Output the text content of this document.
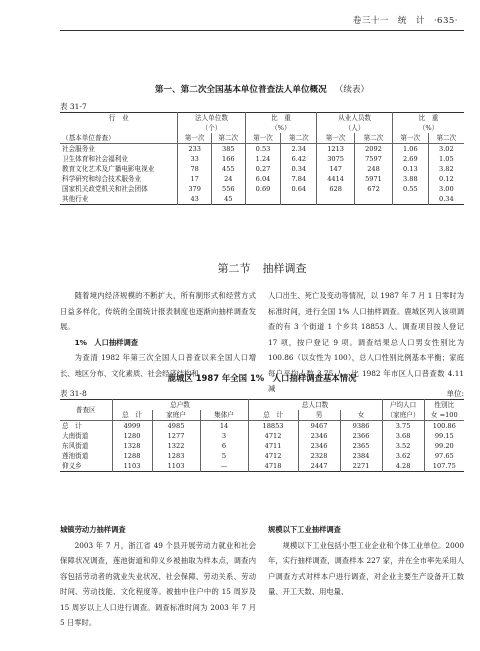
卷三十一　统　计　·635·
第一、第二次全国基本单位普查法人单位概况 （续表）
表 31-7
行　业	法人单位数		比　重		从业人员数		比　重	
	（个）		（%）		（人）		（%）	
（基本单位普查）	第一次	第二次	第一次	第二次	第一次	第二次	第一次	第二次
社会服务业	233	385	0.53	2.34	1213	2092	1.06	3.02
卫生体育和社会福利业	33	166	1.24	6.42	3075	7597	2.69	1.05
教育文化艺术及广播电影电视业	78	455	0.27	0.34	147	248	0.13	3.82
科学研究和综合技术服务业	17	24	6.04	7.84	4414	5971	3.88	0.12
国家机关政党机关和社会团体	379	556	0.69	0.64	628	672	0.55	3.00
其他行业	43	45						0.34
第二节 抽样调查

随着境内经济规模的不断扩大，所有制形式和经营方式日益多样化，传统的全面统计报表制度也逐渐向抽样调查发展。

1%　人口抽样调查

为查清 1982 年第三次全国人口普查以来全国人口增长、地区分布、文化素质、社会经济结构和

人口出生、死亡及变动等情况，以 1987 年 7 月 1 日零时为标准时间，进行全国 1% 人口抽样调查。鹿城区列入该项调查的有 3 个街道 1 个乡共 18853 人。调查项目按人登记 17 项，按户登记 9 项。调查结果总人口男女性别比为 100.86（以女性为 100），总人口性别比例基本平衡；家庭每户平均人数 3.75 人，比 1982 年市区人口普查数 4.11 减

鹿城区 1987 年全国 1%　人口抽样调查基本情况
表 31-8	单位:
普查区	总户数			总人口数			户均人口	性别比
	总　计	家庭户	集体户	总　计	男	女	（家庭户）	女 =100
总　计	4999	4985	14	18853	9467	9386	3.75	100.86
大南街道	1280	1277	3	4712	2346	2366	3.68	99.15
东风街道	1328	1322	6	4711	2346	2365	3.52	99.20
莲池街道	1288	1283	5	4712	2328	2384	3.62	97.65
仰义乡	1103	1103	—	4718	2447	2271	4.28	107.75

城镇劳动力抽样调查

2003 年 7 月，浙江省 49 个县开展劳动力就业和社会保障状况调查，莲池街道和仰义乡被抽取为样本点，调查内容包括劳动者的就业失业状况、社会保障、劳动关系、劳动时间、劳动技能、文化程度等。被抽中住户中的 15 周岁及 15 周岁以上人口进行调查。调查标准时间为 2003 年 7 月 5 日零时。

规模以下工业抽样调查

规模以下工业包括小型工业企业和个体工业单位。2000 年，实行抽样调查，调查样本 227 家，并在全市率先采用人户调查方式对样本户进行调查，对企业主要生产设备开工数量、开工天数、用电量、
